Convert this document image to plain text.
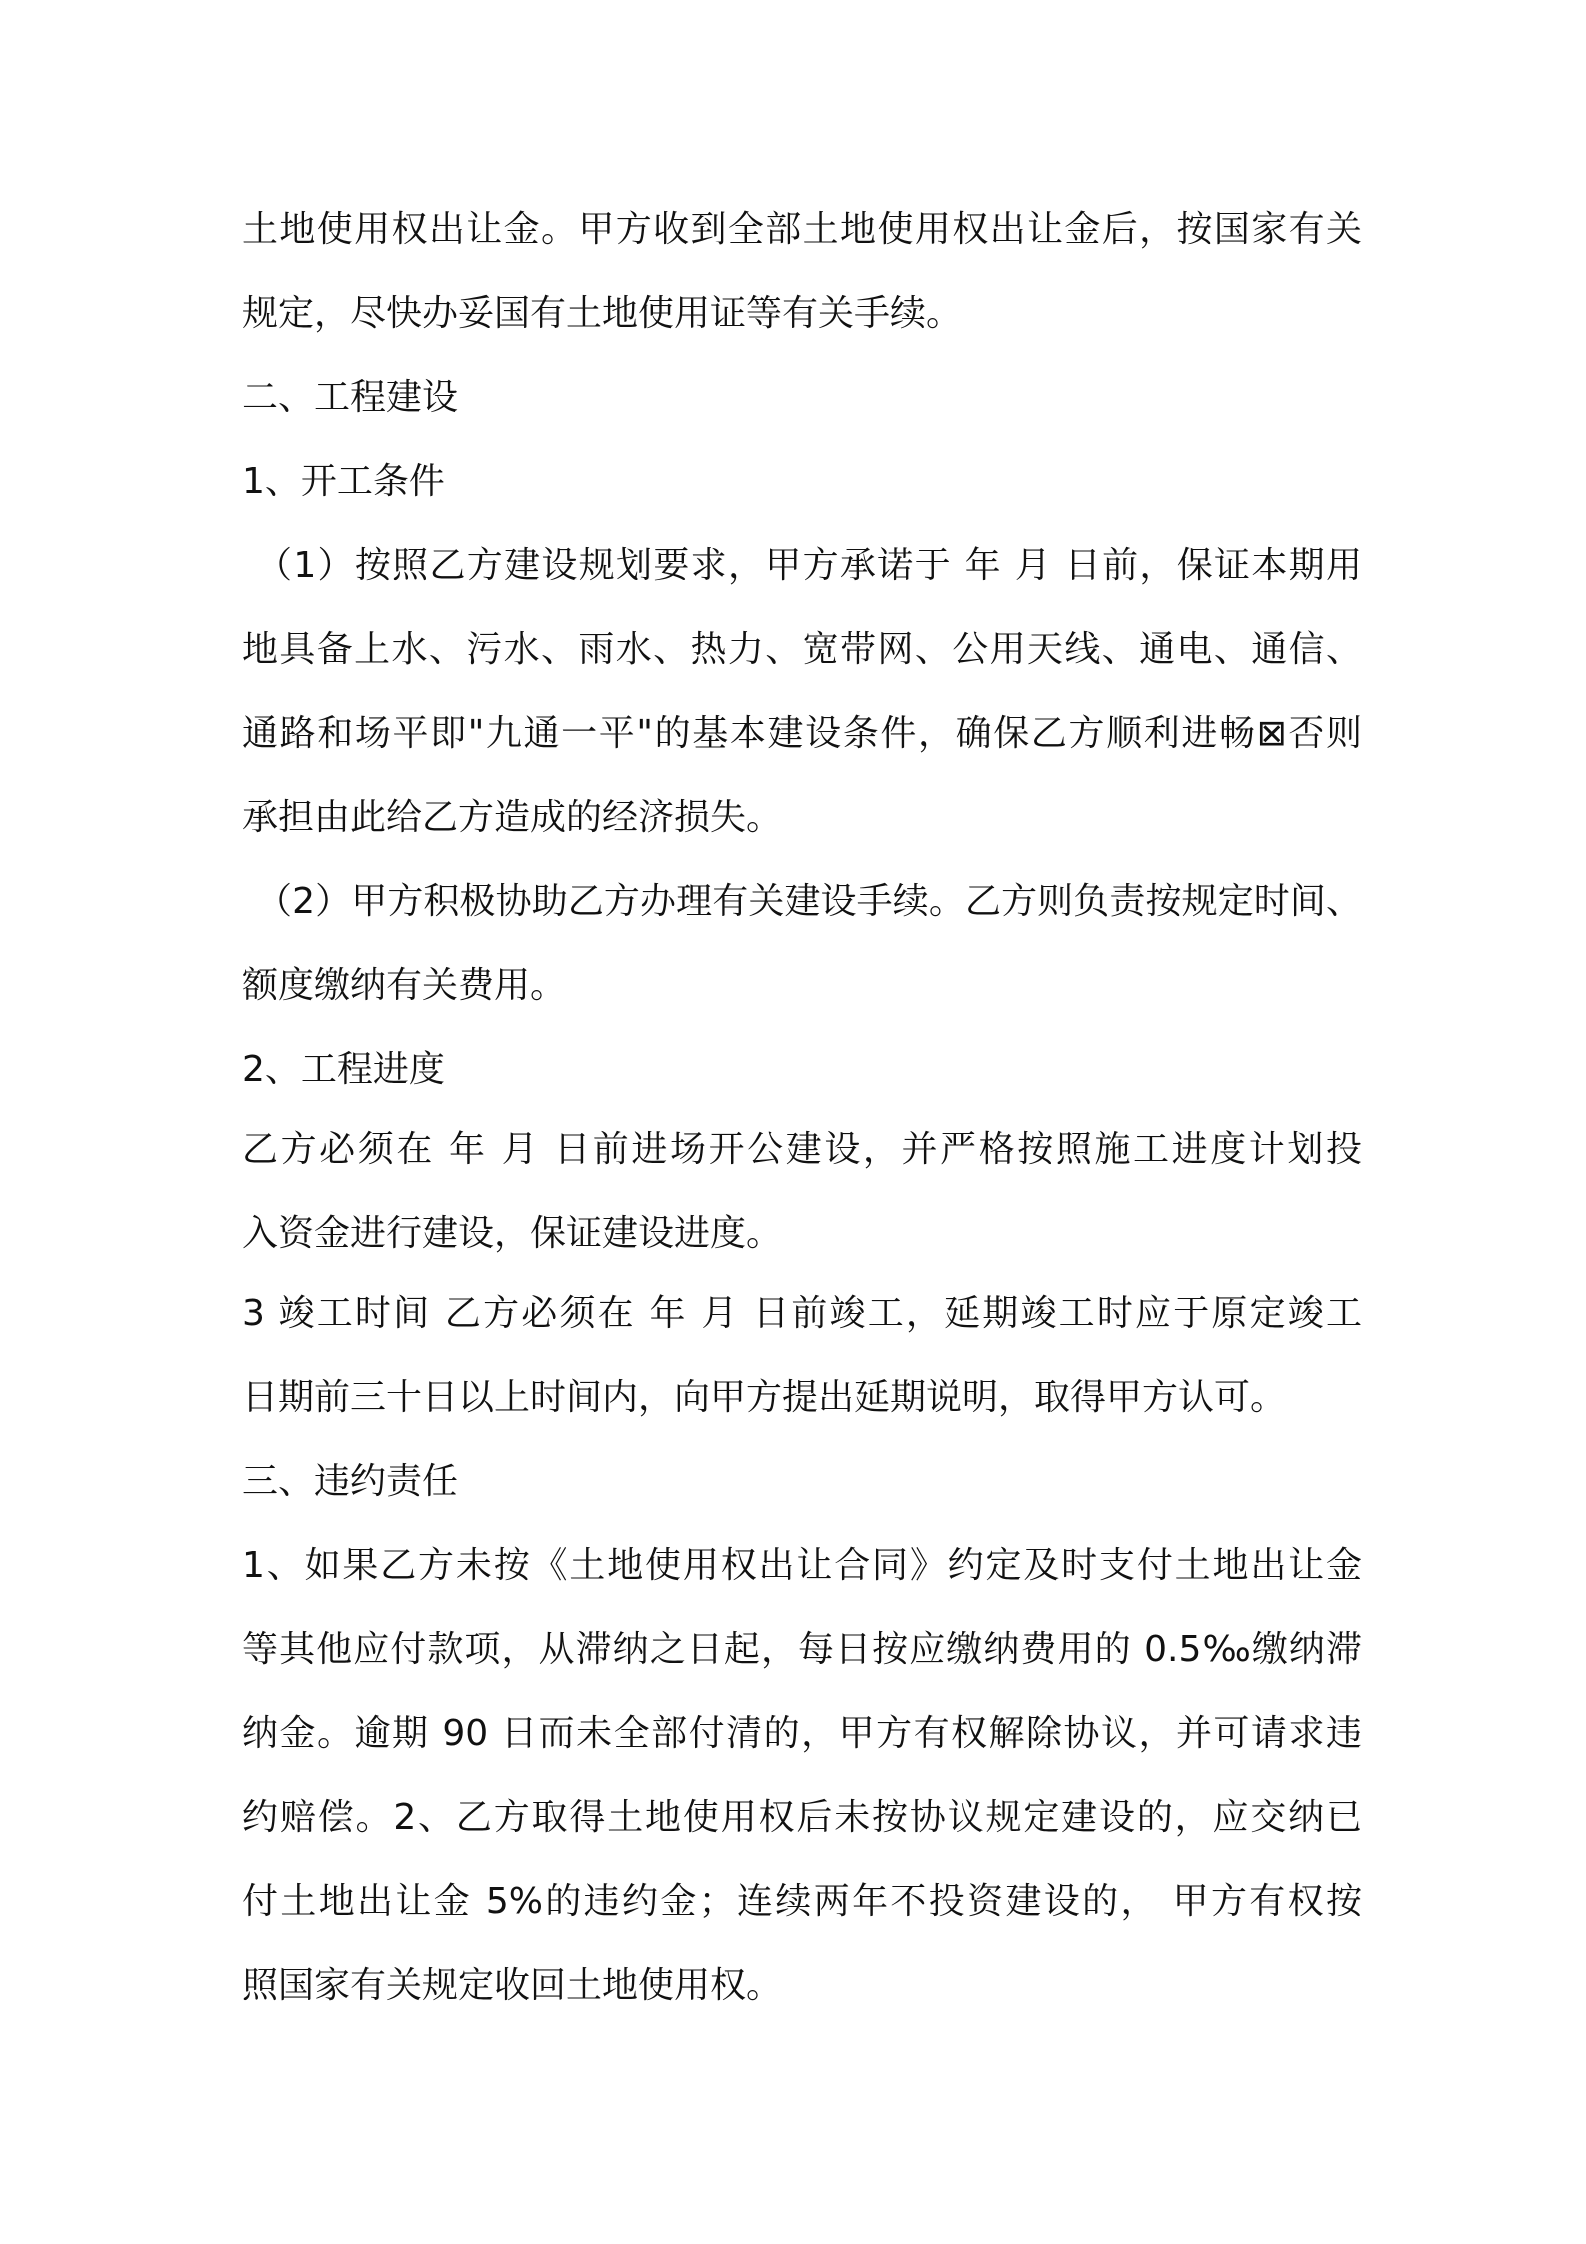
土地使用权出让金。甲方收到全部土地使用权出让金后，按国家有关
规定，尽快办妥国有土地使用证等有关手续。
二、工程建设
1、开工条件
（1）按照乙方建设规划要求，甲方承诺于 年 月 日前，保证本期用
地具备上水、污水、雨水、热力、宽带网、公用天线、通电、通信、
通路和场平即"九通一平"的基本建设条件，确保乙方顺利进畅⊠否则
承担由此给乙方造成的经济损失。
（2）甲方积极协助乙方办理有关建设手续。乙方则负责按规定时间、
额度缴纳有关费用。
2、工程进度
乙方必须在 年 月 日前进场开公建设，并严格按照施工进度计划投
入资金进行建设，保证建设进度。
3 竣工时间 乙方必须在 年 月 日前竣工，延期竣工时应于原定竣工
日期前三十日以上时间内，向甲方提出延期说明，取得甲方认可。
三、违约责任
1、如果乙方未按《土地使用权出让合同》约定及时支付土地出让金
等其他应付款项，从滞纳之日起，每日按应缴纳费用的 0.5‰缴纳滞
纳金。逾期 90 日而未全部付清的，甲方有权解除协议，并可请求违
约赔偿。2、乙方取得土地使用权后未按协议规定建设的，应交纳已
付土地出让金 5%的违约金；连续两年不投资建设的， 甲方有权按
照国家有关规定收回土地使用权。
